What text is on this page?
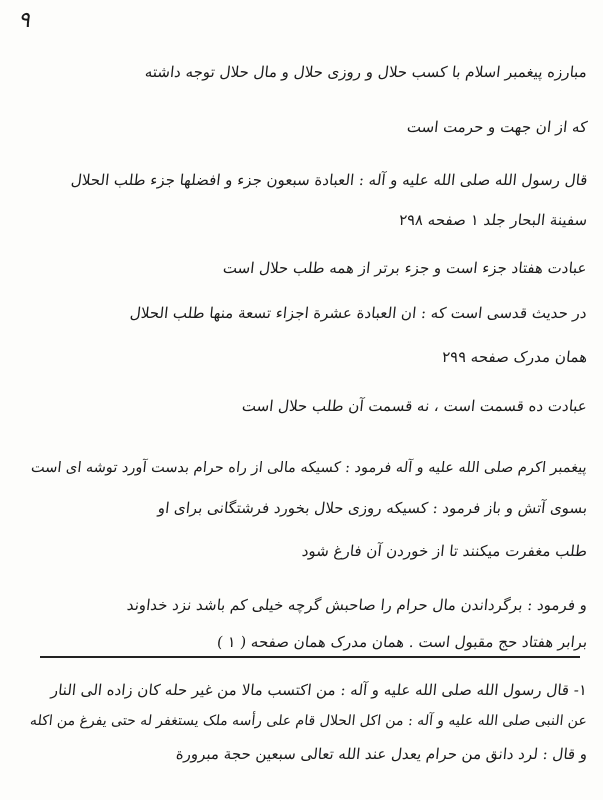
۹
مبارزه پیغمبر اسلام با کسب حلال و روزی حلال و مال حلال توجه داشته
که از ان جهت و حرمت است
قال رسول الله صلی الله علیه و آله : العبادة سبعون جزء و افضلها جزء طلب الحلال
سفینة البحار جلد ۱ صفحه ۲۹۸
عبادت هفتاد جزء است و جزء برتر از همه طلب حلال است
در حدیث قدسی است که : ان العبادة عشرة اجزاء تسعة منها طلب الحلال
همان مدرک صفحه ۲۹۹
عبادت ده قسمت است ، نه قسمت آن طلب حلال است
پیغمبر اکرم صلی الله علیه و آله فرمود : کسیکه مالی از راه حرام بدست آورد توشه ای است
بسوی آتش و باز فرمود : کسیکه روزی حلال بخورد فرشتگانی برای او
طلب مغفرت میکنند تا از خوردن آن فارغ شود
و فرمود : برگرداندن مال حرام را صاحبش گرچه خیلی کم باشد نزد خداوند
برابر هفتاد حج مقبول است . همان مدرک همان صفحه ( ۱ )
۱- قال رسول الله صلی الله علیه و آله : من اکتسب مالا من غیر حله کان زاده الی النار
عن النبی صلی الله علیه و آله : من اکل الحلال قام علی رأسه ملک یستغفر له حتی یفرغ من اکله
و قال : لرد دانق من حرام یعدل عند الله تعالی سبعین حجة مبرورة
